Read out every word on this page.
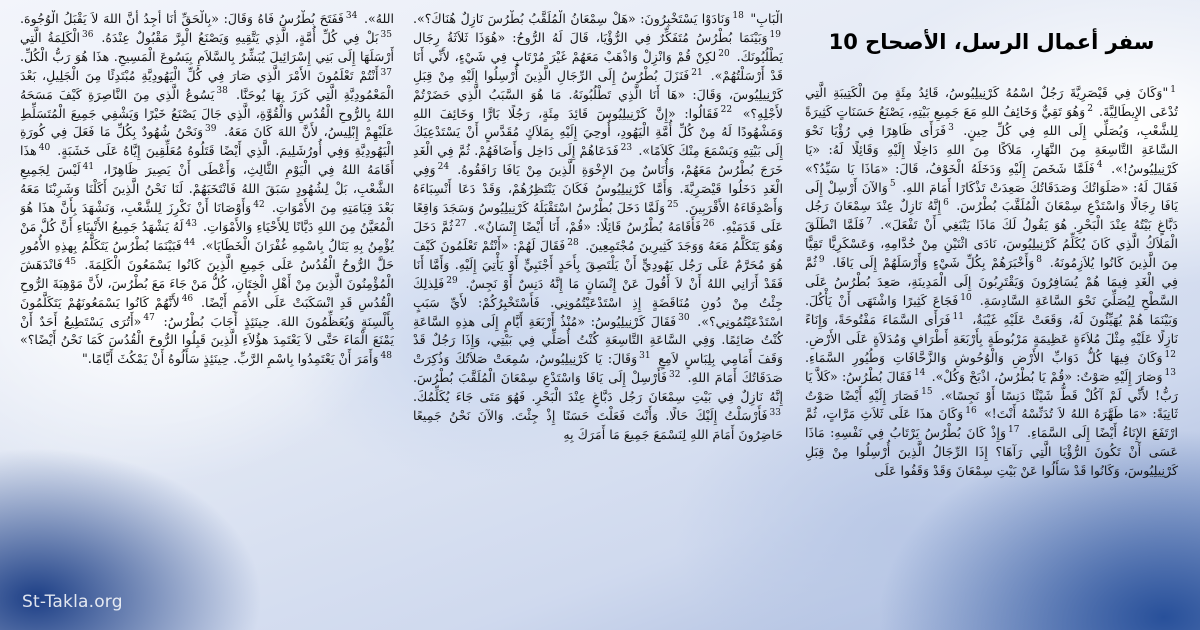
سفر أعمال الرسل، الأصحاح 10
$^1$"وَكَانَ فِي قَيْصَرِيَّةَ رَجُلٌ اسْمُهُ كَرْنِيلِيُوسُ، قَائِدُ مِئَةٍ مِنَ الْكَتِيبَةِ الَّتِي تُدْعَى الإِيطَالِيَّةَ. $^2$وَهُوَ تَقِيٌّ وَخَائِفُ اللهِ مَعَ جَمِيعِ بَيْتِهِ، يَصْنَعُ حَسَنَاتٍ كَثِيرَةً لِلشَّعْبِ، وَيُصَلِّي إِلَى اللهِ فِي كُلِّ حِينٍ. $^3$فَرَأَى ظَاهِرًا فِي رُؤْيَا نَحْوَ السَّاعَةِ التَّاسِعَةِ مِنَ النَّهَارِ، مَلاَكًا مِنَ اللهِ دَاخِلًا إِلَيْهِ وَقَائِلًا لَهُ: «يَا كَرْنِيلِيُوسُ!». $^4$فَلَمَّا شَخَصَ إِلَيْهِ وَدَخَلَهُ الْخَوْفُ، قَالَ: «مَاذَا يَا سَيِّدُ؟» فَقَالَ لَهُ: «صَلَوَاتُكَ وَصَدَقَاتُكَ صَعِدَتْ تَذْكَارًا أَمَامَ اللهِ. $^5$وَالآنَ أَرْسِلْ إِلَى يَافَا رِجَالًا وَاسْتَدْعِ سِمْعَانَ الْمُلَقَّبَ بُطْرُسَ. $^6$إِنَّهُ نَازِلٌ عِنْدَ سِمْعَانَ رَجُل دَبَّاغٍ بَيْتُهُ عِنْدَ الْبَحْرِ. هُوَ يَقُولُ لَكَ مَاذَا يَنْبَغِي أَنْ تَفْعَلَ». $^7$فَلَمَّا انْطَلَقَ الْمَلاَكُ الَّذِي كَانَ يُكَلِّمُ كَرْنِيلِيُوسَ، نَادَى اثْنَيْنِ مِنْ خُدَّامِهِ، وَعَسْكَرِيًّا تَقِيًّا مِنَ الَّذِينَ كَانُوا يُلاَزِمُونَهُ. $^8$وَأَخْبَرَهُمْ بِكُلِّ شَيْءٍ وَأَرْسَلَهُمْ إِلَى يَافَا. $^9$ثُمَّ فِي الْغَدِ فِيمَا هُمْ يُسَافِرُونَ وَيَقْتَرِبُونَ إِلَى الْمَدِينَةِ، صَعِدَ بُطْرُسُ عَلَى السَّطْحِ لِيُصَلِّيَ نَحْوَ السَّاعَةِ السَّادِسَةِ. $^{10}$فَجَاعَ كَثِيرًا وَاشْتَهَى أَنْ يَأْكُلَ. وَبَيْنَمَا هُمْ يُهَيِّئُونَ لَهُ، وَقَعَتْ عَلَيْهِ غَيْبَةٌ، $^{11}$فَرَأَى السَّمَاءَ مَفْتُوحَةً، وَإِنَاءً نَازِلًا عَلَيْهِ مِثْلَ مُلاَءَةٍ عَظِيمَةٍ مَرْبُوطَةٍ بِأَرْبَعَةِ أَطْرَافٍ وَمُدَلاَةٍ عَلَى الأَرْضِ. $^{12}$وَكَانَ فِيهَا كُلُّ دَوَابِّ الأَرْضِ وَالْوُحُوشِ وَالزَّحَّافَاتِ وَطُيُورِ السَّمَاءِ. $^{13}$وَصَارَ إِلَيْهِ صَوْتٌ: «قُمْ يَا بُطْرُسُ، اذْبَحْ وَكُلْ». $^{14}$فَقَالَ بُطْرُسُ: «كَلاَّ يَا رَبُّ! لأَنِّي لَمْ آكُلْ قَطُّ شَيْئًا دَنِسًا أَوْ نَجِسًا». $^{15}$فَصَارَ إِلَيْهِ أَيْضًا صَوْتٌ ثَانِيَةً: «مَا طَهَّرَهُ اللهُ لاَ تُدَنِّسْهُ أَنْتَ!» $^{16}$وَكَانَ هذَا عَلَى ثَلاَثِ مَرَّاتٍ، ثُمَّ ارْتَفَعَ الإِنَاءُ أَيْضًا إِلَى السَّمَاءِ. $^{17}$وَإِذْ كَانَ بُطْرُسُ يَرْتَابُ فِي نَفْسِهِ: مَاذَا عَسَى أَنْ تَكُونَ الرُّؤْيَا الَّتِي رَآهَا؟ إِذَا الرِّجَالُ الَّذِينَ أُرْسِلُوا مِنْ قِبَلِ كَرْنِيلِيُوسَ، وَكَانُوا قَدْ سَأَلُوا عَنْ بَيْتِ سِمْعَانَ وَقَدْ وَقَفُوا عَلَى
الْبَابِ" $^{18}$وَنَادَوْا يَسْتَخْبِرُونَ: «هَلْ سِمْعَانُ الْمُلَقَّبُ بُطْرُسَ نَازِلٌ هُنَاكَ؟». $^{19}$وَبَيْنَمَا بُطْرُسُ مُتَفَكِّرٌ فِي الرُّؤْيَا، قَالَ لَهُ الرُّوحُ: «هُوَذَا ثَلاَثَةُ رِجَال يَطْلُبُونَكَ. $^{20}$لكِنْ قُمْ وَانْزِلْ وَاذْهَبْ مَعَهُمْ غَيْرَ مُرْتَابٍ فِي شَيْءٍ، لأَنِّي أَنَا قَدْ أَرْسَلْتُهُمْ». $^{21}$فَنَزَلَ بُطْرُسُ إِلَى الرِّجَالِ الَّذِينَ أُرْسِلُوا إِلَيْهِ مِنْ قِبَلِ كَرْنِيلِيُوسَ، وَقَالَ: «هَا أَنَا الَّذِي تَطْلُبُونَهُ. مَا هُوَ السَّبَبُ الَّذِي حَضَرْتُمْ لأَجْلِهِ؟» $^{22}$فَقَالُوا: «إِنَّ كَرْنِيلِيُوسَ قَائِدَ مِئَةٍ، رَجُلًا بَارًّا وَخَائِفَ اللهِ وَمَشْهُودًا لَهُ مِنْ كُلِّ أُمَّةِ الْيَهُودِ، أُوحِيَ إِلَيْهِ بِمَلاَكٍ مُقَدَّسٍ أَنْ يَسْتَدْعِيَكَ إِلَى بَيْتِهِ وَيَسْمَعَ مِنْكَ كَلاَمًا». $^{23}$فَدَعَاهُمْ إِلَى دَاخِل وَأَضَافَهُمْ. ثُمَّ فِي الْغَدِ خَرَجَ بُطْرُسُ مَعَهُمْ، وَأُنَاسٌ مِنَ الإِخْوَةِ الَّذِينَ مِنْ يَافَا رَافَقُوهُ. $^{24}$وَفِي الْغَدِ دَخَلُوا قَيْصَرِيَّةَ. وَأَمَّا كَرْنِيلِيُوسُ فَكَانَ يَنْتَظِرُهُمْ، وَقَدْ دَعَا أَنْسِبَاءَهُ وَأَصْدِقَاءَهُ الأَقْرَبِينَ. $^{25}$وَلَمَّا دَخَلَ بُطْرُسُ اسْتَقْبَلَهُ كَرْنِيلِيُوسُ وَسَجَدَ وَاقِعًا عَلَى قَدَمَيْهِ. $^{26}$فَأَقَامَهُ بُطْرُسُ قَائِلًا: «قُمْ، أَنَا أَيْضًا إِنْسَانٌ». $^{27}$ثُمَّ دَخَلَ وَهُوَ يَتَكَلَّمُ مَعَهُ وَوَجَدَ كَثِيرِينَ مُجْتَمِعِينَ. $^{28}$فَقَالَ لَهُمْ: «أَنْتُمْ تَعْلَمُونَ كَيْفَ هُوَ مُحَرَّمٌ عَلَى رَجُل يَهُودِيٍّ أَنْ يَلْتَصِقَ بِأَحَدٍ أَجْنَبِيٍّ أَوْ يَأْتِيَ إِلَيْهِ. وَأَمَّا أَنَا فَقَدْ أَرَانِي اللهُ أَنْ لاَ أَقُولَ عَنْ إِنْسَانٍ مَا إِنَّهُ دَنِسٌ أَوْ نَجِسٌ. $^{29}$فَلِذلِكَ جِئْتُ مِنْ دُونِ مُنَاقَضَةٍ إِذِ اسْتَدْعَيْتُمُونِي. فَأَسْتَخْبِرُكُمْ: لأَيِّ سَبَبٍ اسْتَدْعَيْتُمُونِي؟». $^{30}$فَقَالَ كَرْنِيلِيُوسُ: «مُنْذُ أَرْبَعَةِ أَيَّامٍ إِلَى هذِهِ السَّاعَةِ كُنْتُ صَائِمًا. وَفِي السَّاعَةِ التَّاسِعَةِ كُنْتُ أُصَلِّي فِي بَيْتِي، وَإِذَا رَجُلٌ قَدْ وَقَفَ أَمَامِي بِلِبَاسٍ لاَمِعٍ $^{31}$وَقَالَ: يَا كَرْنِيلِيُوسُ، سُمِعَتْ صَلاَتُكَ وَذُكِرَتْ صَدَقَاتُكَ أَمَامَ اللهِ. $^{32}$فَأَرْسِلْ إِلَى يَافَا وَاسْتَدْعِ سِمْعَانَ الْمُلَقَّبَ بُطْرُسَ. إِنَّهُ نَازِلٌ فِي بَيْتِ سِمْعَانَ رَجُل دَبَّاغٍ عِنْدَ الْبَحْرِ. فَهُوَ مَتَى جَاءَ يُكَلِّمُكَ. $^{33}$فَأَرْسَلْتُ إِلَيْكَ حَالًا. وَأَنْتَ فَعَلْتَ حَسَنًا إِذْ جِئْتَ. وَالآنَ نَحْنُ جَمِيعًا حَاضِرُونَ أَمَامَ اللهِ لِنَسْمَعَ جَمِيعَ مَا أَمَرَكَ بِهِ
اللهُ». $^{34}$فَفَتَحَ بُطْرُسُ فَاهُ وَقَالَ: «بِالْحَقِّ أَنَا أَجِدُ أَنَّ اللهَ لاَ يَقْبَلُ الْوُجُوهَ. $^{35}$بَلْ فِي كُلِّ أُمَّةٍ، الَّذِي يَتَّقِيهِ وَيَصْنَعُ الْبِرَّ مَقْبُولٌ عِنْدَهُ. $^{36}$الْكَلِمَةُ الَّتِي أَرْسَلَهَا إِلَى بَنِي إِسْرَائِيلَ يُبَشِّرُ بِالسَّلاَمِ بِيَسُوعَ الْمَسِيحِ. هذَا هُوَ رَبُّ الْكُلِّ. $^{37}$أَنْتُمْ تَعْلَمُونَ الأَمْرَ الَّذِي صَارَ فِي كُلِّ الْيَهُودِيَّةِ مُبْتَدِئًا مِنَ الْجَلِيلِ، بَعْدَ الْمَعْمُودِيَّةِ الَّتِي كَرَزَ بِهَا يُوحَنَّا. $^{38}$يَسُوعُ الَّذِي مِنَ النَّاصِرَةِ كَيْفَ مَسَحَهُ اللهُ بِالرُّوحِ الْقُدُسِ وَالْقُوَّةِ، الَّذِي جَالَ يَصْنَعُ خَيْرًا وَيَشْفِي جَمِيعَ الْمُتَسَلِّطِ عَلَيْهِمْ إِبْلِيسُ، لأَنَّ اللهَ كَانَ مَعَهُ. $^{39}$وَنَحْنُ شُهُودٌ بِكُلِّ مَا فَعَلَ فِي كُورَةِ الْيَهُودِيَّةِ وَفِي أُورُشَلِيمَ. الَّذِي أَيْضًا قَتَلُوهُ مُعَلِّقِينَ إِيَّاهُ عَلَى خَشَبَةٍ. $^{40}$هذَا أَقَامَهُ اللهُ فِي الْيَوْمِ الثَّالِثِ، وَأَعْطَى أَنْ يَصِيرَ ظَاهِرًا، $^{41}$لَيْسَ لِجَمِيعِ الشَّعْبِ، بَلْ لِشُهُودٍ سَبَقَ اللهُ فَانْتَخَبَهُمْ. لَنَا نَحْنُ الَّذِينَ أَكَلْنَا وَشَرِبْنَا مَعَهُ بَعْدَ قِيَامَتِهِ مِنَ الأَمْوَاتِ. $^{42}$وَأَوْصَانَا أَنْ نَكْرِزَ لِلشَّعْبِ، وَنَشْهَدَ بِأَنَّ هذَا هُوَ الْمُعَيَّنُ مِنَ اللهِ دَيَّانًا لِلأَحْيَاءِ وَالأَمْوَاتِ. $^{43}$لَهُ يَشْهَدُ جَمِيعُ الأَنْبِيَاءِ أَنَّ كُلَّ مَنْ يُؤْمِنُ بِهِ يَنَالُ بِاسْمِهِ غُفْرَانَ الْخَطَايَا». $^{44}$فَبَيْنَمَا بُطْرُسُ يَتَكَلَّمُ بِهذِهِ الأُمُورِ حَلَّ الرُّوحُ الْقُدُسُ عَلَى جَمِيعِ الَّذِينَ كَانُوا يَسْمَعُونَ الْكَلِمَةَ. $^{45}$فَانْدَهَشَ الْمُؤْمِنُونَ الَّذِينَ مِنْ أَهْلِ الْخِتَانِ، كُلُّ مَنْ جَاءَ مَعَ بُطْرُسَ، لأَنَّ مَوْهِبَةَ الرُّوحِ الْقُدُسِ قَدِ انْسَكَبَتْ عَلَى الأُمَمِ أَيْضًا. $^{46}$لأَنَّهُمْ كَانُوا يَسْمَعُونَهُمْ يَتَكَلَّمُونَ بِأَلْسِنَةٍ وَيُعَظِّمُونَ اللهَ. حِينَئِذٍ أَجَابَ بُطْرُسُ: $^{47}$«أَتُرَى يَسْتَطِيعُ أَحَدٌ أَنْ يَمْنَعَ الْمَاءَ حَتَّى لاَ يَعْتَمِدَ هؤُلاَءِ الَّذِينَ قَبِلُوا الرُّوحَ الْقُدُسَ كَمَا نَحْنُ أَيْضًا؟» $^{48}$وَأَمَرَ أَنْ يَعْتَمِدُوا بِاسْمِ الرَّبِّ. حِينَئِذٍ سَأَلُوهُ أَنْ يَمْكُثَ أَيَّامًا."
St-Takla.org
